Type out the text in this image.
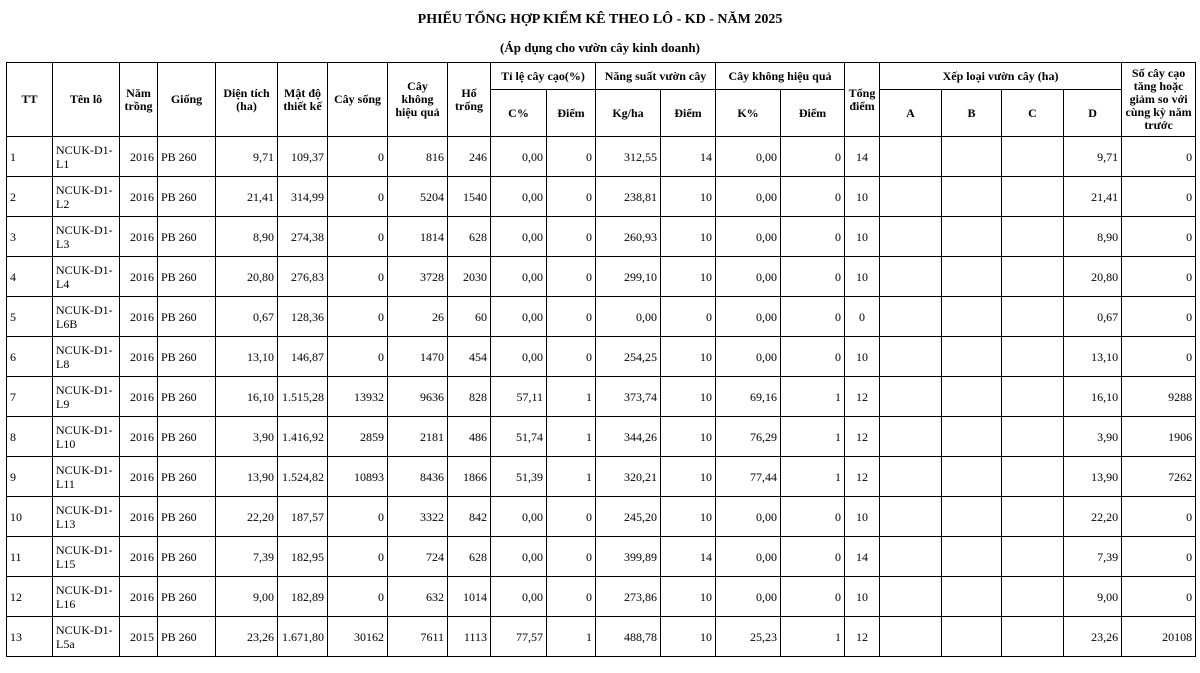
PHIẾU TỔNG HỢP KIỂM KÊ THEO LÔ - KD - NĂM 2025
(Áp dụng cho vườn cây kinh doanh)
TT	Tên lô	Năm trồng	Giống	Diện tích (ha)	Mật độ thiết kế	Cây sống	Cây không hiệu quả	Hố trống	Tỉ lệ cây cạo(%)		Năng suất vườn cây		Cây không hiệu quả		Tổng điểm	Xếp loại vườn cây (ha)				Số cây cạo tăng hoặc giảm so với cùng kỳ năm trước
									C%	Điểm	Kg/ha	Điểm	K%	Điểm		A	B	C	D	
1	NCUK-D1-L1	2016	PB 260	9,71	109,37	0	816	246	0,00	0	312,55	14	0,00	0	14				9,71	0
2	NCUK-D1-L2	2016	PB 260	21,41	314,99	0	5204	1540	0,00	0	238,81	10	0,00	0	10				21,41	0
3	NCUK-D1-L3	2016	PB 260	8,90	274,38	0	1814	628	0,00	0	260,93	10	0,00	0	10				8,90	0
4	NCUK-D1-L4	2016	PB 260	20,80	276,83	0	3728	2030	0,00	0	299,10	10	0,00	0	10				20,80	0
5	NCUK-D1-L6B	2016	PB 260	0,67	128,36	0	26	60	0,00	0	0,00	0	0,00	0	0				0,67	0
6	NCUK-D1-L8	2016	PB 260	13,10	146,87	0	1470	454	0,00	0	254,25	10	0,00	0	10				13,10	0
7	NCUK-D1-L9	2016	PB 260	16,10	1.515,28	13932	9636	828	57,11	1	373,74	10	69,16	1	12				16,10	9288
8	NCUK-D1-L10	2016	PB 260	3,90	1.416,92	2859	2181	486	51,74	1	344,26	10	76,29	1	12				3,90	1906
9	NCUK-D1-L11	2016	PB 260	13,90	1.524,82	10893	8436	1866	51,39	1	320,21	10	77,44	1	12				13,90	7262
10	NCUK-D1-L13	2016	PB 260	22,20	187,57	0	3322	842	0,00	0	245,20	10	0,00	0	10				22,20	0
11	NCUK-D1-L15	2016	PB 260	7,39	182,95	0	724	628	0,00	0	399,89	14	0,00	0	14				7,39	0
12	NCUK-D1-L16	2016	PB 260	9,00	182,89	0	632	1014	0,00	0	273,86	10	0,00	0	10				9,00	0
13	NCUK-D1-L5a	2015	PB 260	23,26	1.671,80	30162	7611	1113	77,57	1	488,78	10	25,23	1	12				23,26	20108
